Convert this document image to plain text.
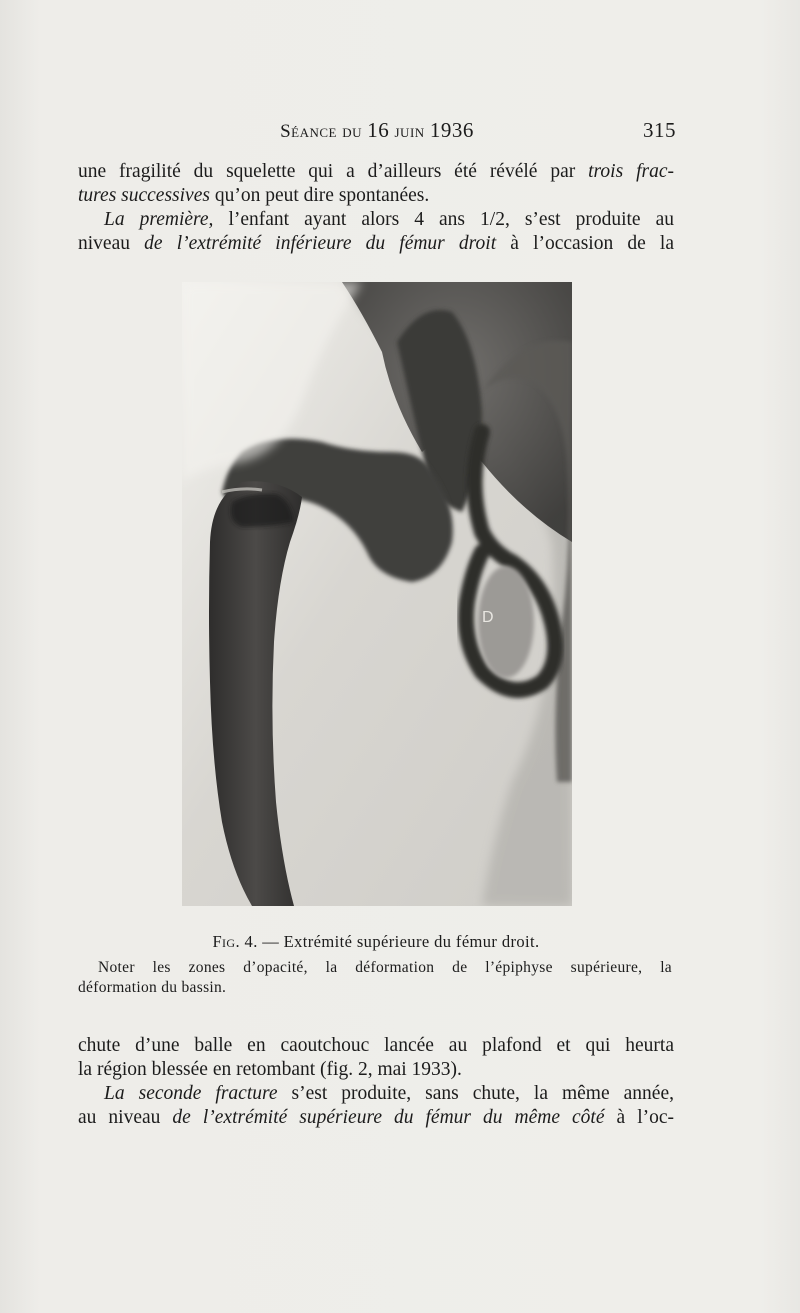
Séance du 16 juin 1936	315
une fragilité du squelette qui a d’ailleurs été révélé par trois frac-
tures successives qu’on peut dire spontanées.
La première, l’enfant ayant alors 4 ans 1/2, s’est produite au
niveau de l’extrémité inférieure du fémur droit à l’occasion de la
D
Fig. 4. — Extrémité supérieure du fémur droit.
Noter les zones d’opacité, la déformation de l’épiphyse supérieure, la
déformation du bassin.
chute d’une balle en caoutchouc lancée au plafond et qui heurta
la région blessée en retombant (fig. 2, mai 1933).
La seconde fracture s’est produite, sans chute, la même année,
au niveau de l’extrémité supérieure du fémur du même côté à l’oc-
